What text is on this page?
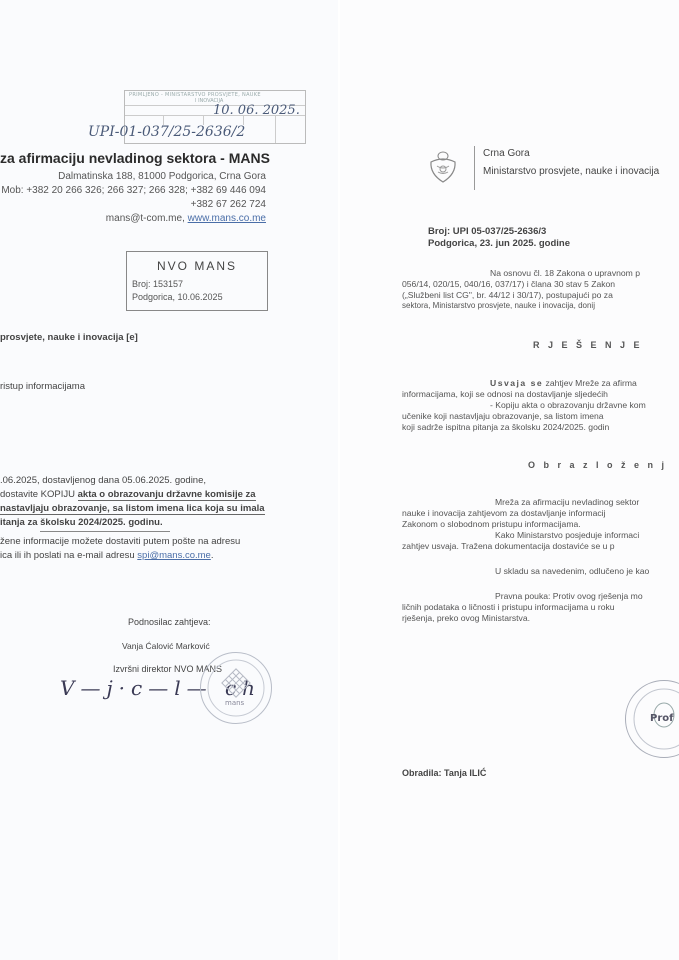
PRIMLJENO - MINISTARSTVO PROSVJETE, NAUKE
I INOVACIJA
10. 06. 2025.
UPI-01-037/25-2636/2
za afirmaciju nevladinog sektora - MANS
Dalmatinska 188, 81000 Podgorica, Crna Gora
Mob: +382 20 266 326; 266 327; 266 328; +382 69 446 094
+382 67 262 724
mans@t-com.me, www.mans.co.me
NVO MANS
Broj: 153157
Podgorica, 10.06.2025
prosvjete, nauke i inovacija [e]
ristup informacijama
.06.2025, dostavljenog dana 05.06.2025. godine,
dostavite KOPIJU akta o obrazovanju državne komisije za
nastavljaju obrazovanje, sa listom imena lica koja su imala
itanja za školsku 2024/2025. godinu.
žene informacije možete dostaviti putem pošte na adresu
ica ili ih poslati na e-mail adresu spi@mans.co.me.
Podnosilac zahtjeva:
Vanja Ćalović Marković
Izvršni direktor NVO MANS
V—j·c—l— ch
mans
Crna Gora
Ministarstvo prosvjete, nauke i inovacija
Broj: UPI 05-037/25-2636/3
Podgorica, 23. jun 2025. godine
Na osnovu čl. 18 Zakona o upravnom p
056/14, 020/15, 040/16, 037/17) i člana 30 stav 5 Zakon
(„Službeni list CG", br. 44/12 i 30/17), postupajući po za
sektora, Ministarstvo prosvjete, nauke i inovacija, donij
R J E Š E N J E
Usvaja se zahtjev Mreže za afirma
informacijama, koji se odnosi na dostavljanje sljedećih
- Kopiju akta o obrazovanju državne kom
učenike koji nastavljaju obrazovanje, sa listom imena
koji sadrže ispitna pitanja za školsku 2024/2025. godin
O b r a z l o ž e n j
Mreža za afirmaciju nevladinog sektor
nauke i inovacija zahtjevom za dostavljanje informacij
Zakonom o slobodnom pristupu informacijama.
Kako Ministarstvo posjeduje informaci
zahtjev usvaja. Tražena dokumentacija dostaviće se u p
U skladu sa navedenim, odlučeno je kao
Pravna pouka: Protiv ovog rješenja mo
ličnih podataka o ličnosti i pristupu informacijama u roku
rješenja, preko ovog Ministarstva.
Prof
Obradila: Tanja ILIĆ
